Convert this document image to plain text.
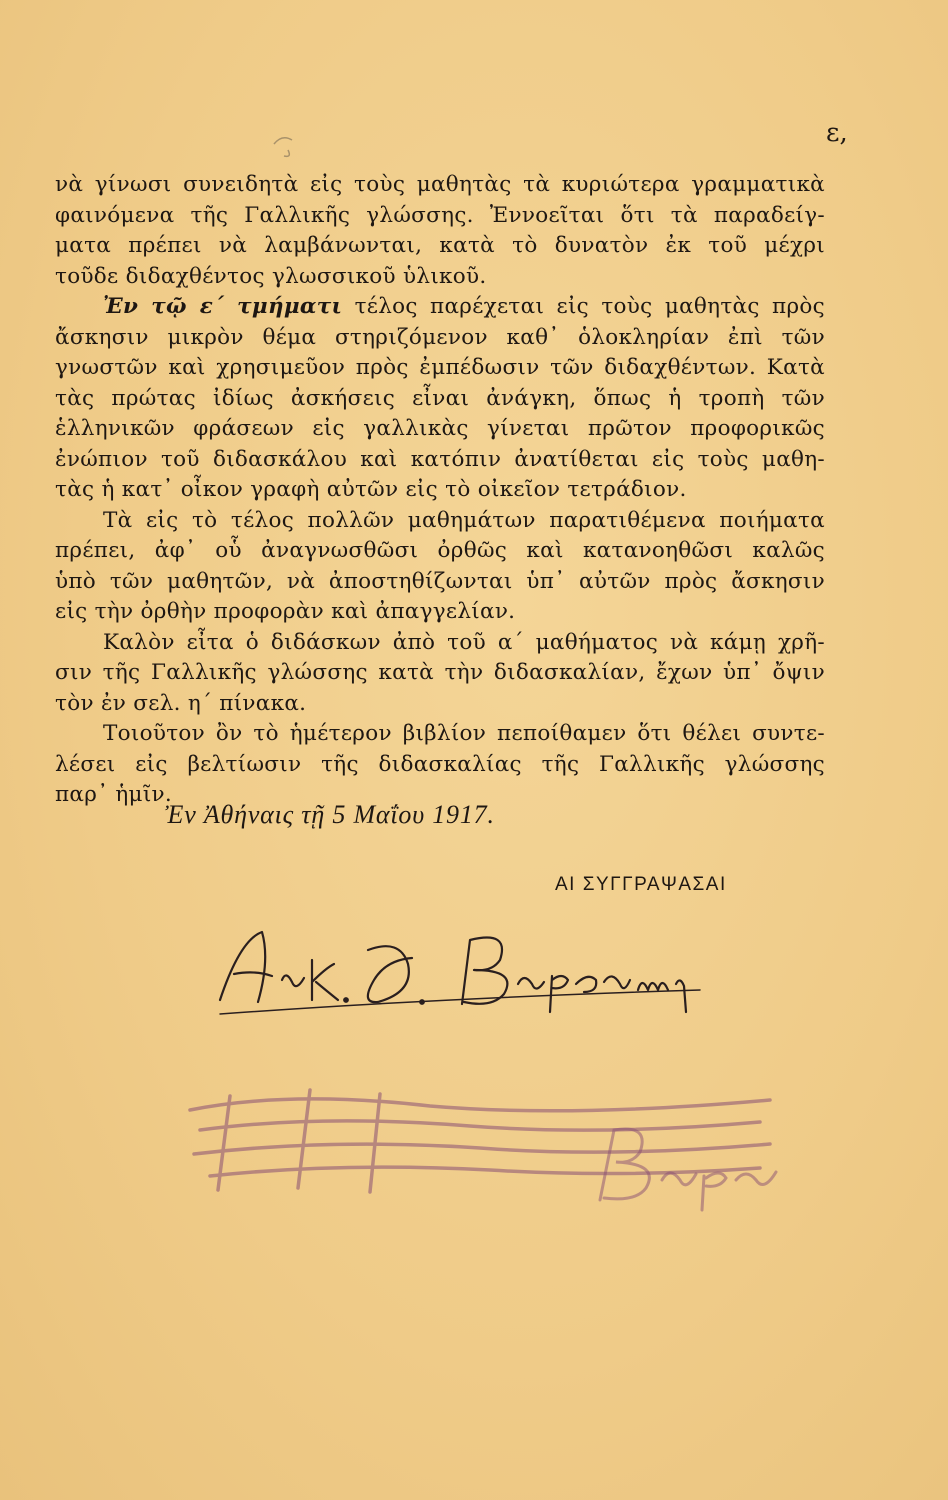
ε,
νὰ γίνωσι συνειδητὰ εἰς τοὺς μαθητὰς τὰ κυριώτερα γραμματικὰ
φαινόμενα τῆς Γαλλικῆς γλώσσης. Ἐννοεῖται ὅτι τὰ παραδείγ-
ματα πρέπει νὰ λαμβάνωνται, κατὰ τὸ δυνατὸν ἐκ τοῦ μέχρι
τοῦδε διδαχθέντος γλωσσικοῦ ὑλικοῦ.
Ἐν τῷ ε΄ τμήματι τέλος παρέχεται εἰς τοὺς μαθητὰς πρὸς
ἄσκησιν μικρὸν θέμα στηριζόμενον καθ᾽ ὁλοκληρίαν ἐπὶ τῶν
γνωστῶν καὶ χρησιμεῦον πρὸς ἐμπέδωσιν τῶν διδαχθέντων. Κατὰ
τὰς πρώτας ἰδίως ἀσκήσεις εἶναι ἀνάγκη, ὅπως ἡ τροπὴ τῶν
ἑλληνικῶν φράσεων εἰς γαλλικὰς γίνεται πρῶτον προφορικῶς
ἐνώπιον τοῦ διδασκάλου καὶ κατόπιν ἀνατίθεται εἰς τοὺς μαθη-
τὰς ἡ κατ᾽ οἶκον γραφὴ αὐτῶν εἰς τὸ οἰκεῖον τετράδιον.
Τὰ εἰς τὸ τέλος πολλῶν μαθημάτων παρατιθέμενα ποιήματα
πρέπει, ἀφ᾽ οὗ ἀναγνωσθῶσι ὀρθῶς καὶ κατανοηθῶσι καλῶς
ὑπὸ τῶν μαθητῶν, νὰ ἀποστηθίζωνται ὑπ᾽ αὐτῶν πρὸς ἄσκησιν
εἰς τὴν ὀρθὴν προφορὰν καὶ ἀπαγγελίαν.
Καλὸν εἶτα ὁ διδάσκων ἀπὸ τοῦ α΄ μαθήματος νὰ κάμῃ χρῆ-
σιν τῆς Γαλλικῆς γλώσσης κατὰ τὴν διδασκαλίαν, ἔχων ὑπ᾽ ὄψιν
τὸν ἐν σελ. η΄ πίνακα.
Τοιοῦτον ὂν τὸ ἡμέτερον βιβλίον πεποίθαμεν ὅτι θέλει συντε-
λέσει εἰς βελτίωσιν τῆς διδασκαλίας τῆς Γαλλικῆς γλώσσης
παρ᾽ ἡμῖν.
Ἐν Ἀθήναις τῇ 5 Μαΐου 1917.
ΑΙ ΣΥΓΓΡΑΨΑΣΑΙ
